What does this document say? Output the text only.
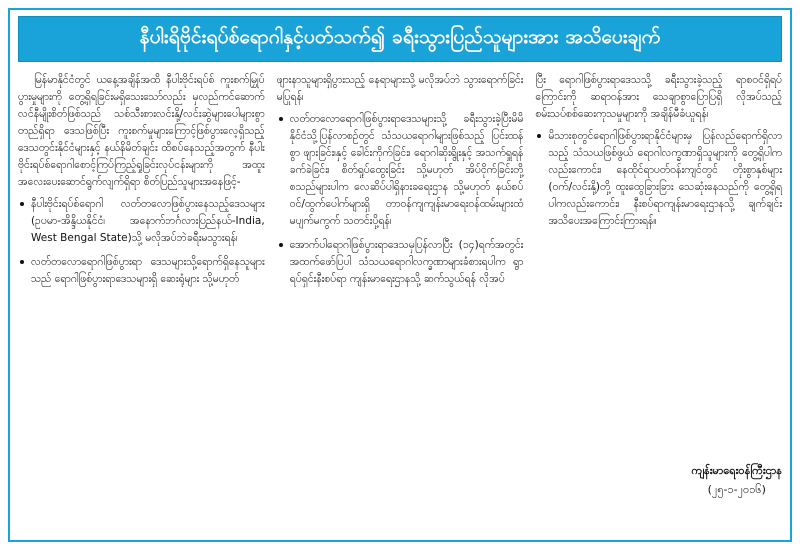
နီပါးရိဗိုင်းရပ်စ်ရောဂါနှင့်ပတ်သက်၍ ခရီးသွားပြည်သူများအား အသိပေးချက်

မြန်မာနိုင်ငံတွင် ယနေ့အချိန်အထိ နီပါးဗိုင်းရပ်စ် ကူးစက်မြှုပ်ပွားမှုများကို တွေ့ရှိရခြင်းမရှိသေးသော်လည်း မှလည်ကင်ဆောက် လင်နီမျိုးစိတ်ဖြစ်သည် သစ်သီးစားလင်းနို့/လင်းဆွဲများပေါများစွာ တည်ရှိရာ ဒေသဖြစ်ပြီး ကူးစက်မှုများကြောင့်ဖြစ်ပွားလေ့ရှိသည့် ဒေသတွင်းနိုင်ငံများနှင့် နယ်နိမိတ်ချင်း ထိစပ်နေသည့်အတွက် နီပါးဗိုင်းရပ်စ်ရောဂါစောင့်ကြပ်ကြည့်ရှုခြင်းလုပ်ငန်းများကို အထူးအလေးပေးဆောင်ရွက်လျက်ရှိရာ စိတ်ပြည်သူများအနေဖြင့်-

နီပါးဗိုင်းရပ်စ်ရောဂါ လတ်တလောဖြစ်ပွားနေသည့်ဒေသများ (ဥပမာ-အိန္ဒိယနိုင်ငံ၊ အနောက်ဘင်္ဂလားပြည်နယ်-India, West Bengal State)သို့ မလိုအပ်ဘဲခရီးမသွားရန်၊
လတ်တလောရောဂါဖြစ်ပွားရာ ဒေသများသို့ရောက်ရှိနေသူများသည် ရောဂါဖြစ်ပွားရာဒေသများရှိ ဆေးရုံများ သို့မဟုတ်

ဖျားနာသူများရှိပွားသည့် နေရာများသို့ မလိုအပ်ဘဲ သွားရောက်ခြင်း မပြုရန်၊

လတ်တလောရောဂါဖြစ်ပွားရာဒေသများသို့ ခရီးသွားခဲ့ပြီးမိမိနိုင်ငံသို့ပြန်လာစဉ်တွင် သံသယရောဂါများဖြစ်သည့် ပြင်းထန်စွာ ဖျားခြင်း၊နှင့် ခေါင်းကိုက်ခြင်း၊ ရောဂါဆိုးရွိုးနှင့် အသက်ရှူရန်ခက်ခဲခြင်း၊ စိတ်ရှုပ်ထွေးခြင်း သို့မဟုတ် အိပ်ငိုက်ခြင်းတို့စသည်များပါက လေဆိပ်ပါရှိနားခရေးဌာန သို့မဟုတ် နယ်စပ်ဝင်/ထွက်ပေါက်များရှိ တာဝန်ကျကျန်းမာရေးဝန်ထမ်းများထံ မပျက်မကွက် သတင်းပို့ရန်၊
အောက်ပါရောဂါဖြစ်ပွားရာဒေသမှပြန်လာပြီး (၁၄)ရက်အတွင်း အထက်ဖော်ပြပါ သံသယရောဂါလက္ခဏာများခံစားရပါက ရွာရပ်ရှင်းနီးစပ်ရာ ကျန်းမာရေးဌာနသို့ ဆက်သွယ်ရန် လိုအပ်

ပြီး ရောဂါဖြစ်ပွားရာဒေသသို့ ခရီးသွားခဲ့သည့် ရာစဝင်ရှိရပ်ကြောင်းကို ဆရာဝန်အား သေချာစွာပြောပြရှိ လိုအပ်သည့် စမ်းသပ်စစ်ဆေးကုသမှုများကို အချိန်မီခံယူရန်၊

မိသားစုတွင်ရောဂါဖြစ်ပွားရာနိုင်ငံများမှ ပြန်လည်ရောက်ရှိလာသည့် သံသယဖြစ်ဖွယ် ရောဂါလက္ခဏာရှိသူများကို တွေ့ရှိပါကလည်းကောင်း၊ နေထိုင်ရာပတ်ဝန်းကျင်တွင် တိုးစွာနှစ်များ (ဝက်/လင်းနို့)တို့ ထူးထွေခြားခြား သေဆုံးနေသည်ကို တွေ့ရှိရပါကလည်းကောင်း၊ နီးစပ်ရာကျန်းမာရေးဌာနသို့ ချက်ချင်းအသိပေးအကြောင်းကြားရန်။
ကျန်းမာရေးဝန်ကြီးဌာန
(၂၅-၁-၂၀၁၆)
